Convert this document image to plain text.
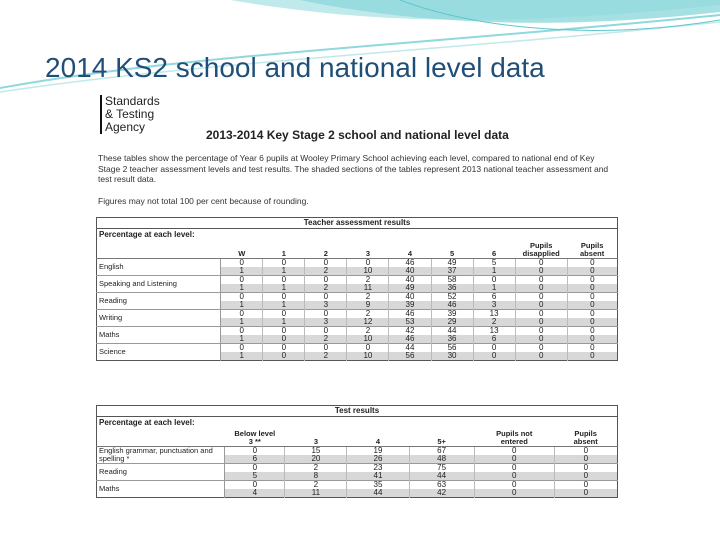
2014 KS2 school and national level data
Standards
& Testing
Agency
2013-2014 Key Stage 2 school and national level data
These tables show the percentage of Year 6 pupils at Wooley Primary School achieving each level, compared to national end of Key Stage 2 teacher assessment levels and test results. The shaded sections of the tables represent 2013 national teacher assessment and test result data.
Figures may not total 100 per cent because of rounding.
Teacher assessment results									
Percentage at each level:									
	W	1	2	3	4	5	6	Pupils
disapplied	Pupils
absent
English	0	0	0	0	46	49	5	0	0
	1	1	2	10	40	37	1	0	0
Speaking and Listening	0	0	0	2	40	58	0	0	0
	1	1	2	11	49	36	1	0	0
Reading	0	0	0	2	40	52	6	0	0
	1	1	3	9	39	46	3	0	0
Writing	0	0	0	2	46	39	13	0	0
	1	1	3	12	53	29	2	0	0
Maths	0	0	0	2	42	44	13	0	0
	1	0	2	10	46	36	6	0	0
Science	0	0	0	0	44	56	0	0	0
	1	0	2	10	56	30	0	0	0
Test results						
Percentage at each level:						
	Below level
3 **	3	4	5+	Pupils not
entered	Pupils
absent
English grammar, punctuation and spelling *	0	15	19	67	0	0
	6	20	26	48	0	0
Reading	0	2	23	75	0	0
	5	8	41	44	0	0
Maths	0	2	35	63	0	0
	4	11	44	42	0	0
